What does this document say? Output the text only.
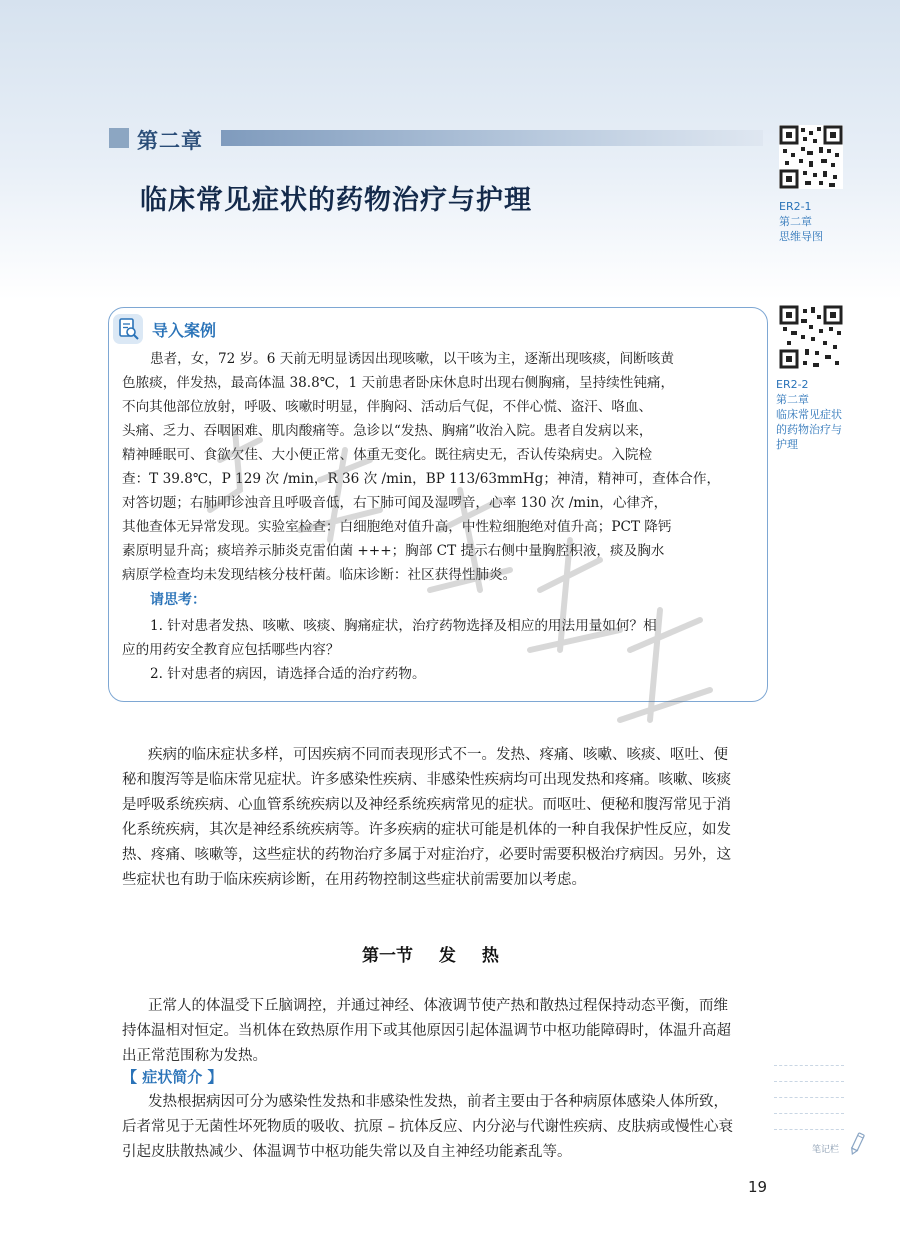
第二章
临床常见症状的药物治疗与护理	ER2-1
第二章
思维导图
ER2-2
第二章
临床常见症状
的药物治疗与
护理
导入案例
患者，女，72 岁。6 天前无明显诱因出现咳嗽，以干咳为主，逐渐出现咳痰，间断咳黄
色脓痰，伴发热，最高体温 38.8℃，1 天前患者卧床休息时出现右侧胸痛，呈持续性钝痛，
不向其他部位放射，呼吸、咳嗽时明显，伴胸闷、活动后气促，不伴心慌、盗汗、咯血、
头痛、乏力、吞咽困难、肌肉酸痛等。急诊以“发热、胸痛”收治入院。患者自发病以来，
精神睡眠可、食欲欠佳、大小便正常、体重无变化。既往病史无，否认传染病史。入院检
查：T 39.8℃，P 129 次 /min，R 36 次 /min，BP 113/63mmHg；神清，精神可，查体合作，
对答切题；右肺叩诊浊音且呼吸音低，右下肺可闻及湿啰音，心率 130 次 /min，心律齐，
其他查体无异常发现。实验室检查：白细胞绝对值升高，中性粒细胞绝对值升高；PCT 降钙
素原明显升高；痰培养示肺炎克雷伯菌 +++；胸部 CT 提示右侧中量胸腔积液，痰及胸水
病原学检查均未发现结核分枝杆菌。临床诊断：社区获得性肺炎。
请思考：
1. 针对患者发热、咳嗽、咳痰、胸痛症状，治疗药物选择及相应的用法用量如何？相
应的用药安全教育应包括哪些内容？
2. 针对患者的病因，请选择合适的治疗药物。
疾病的临床症状多样，可因疾病不同而表现形式不一。发热、疼痛、咳嗽、咳痰、呕吐、便
秘和腹泻等是临床常见症状。许多感染性疾病、非感染性疾病均可出现发热和疼痛。咳嗽、咳痰
是呼吸系统疾病、心血管系统疾病以及神经系统疾病常见的症状。而呕吐、便秘和腹泻常见于消
化系统疾病，其次是神经系统疾病等。许多疾病的症状可能是机体的一种自我保护性反应，如发
热、疼痛、咳嗽等，这些症状的药物治疗多属于对症治疗，必要时需要积极治疗病因。另外，这
些症状也有助于临床疾病诊断，在用药物控制这些症状前需要加以考虑。
第一节 发 热
正常人的体温受下丘脑调控，并通过神经、体液调节使产热和散热过程保持动态平衡，而维
持体温相对恒定。当机体在致热原作用下或其他原因引起体温调节中枢功能障碍时，体温升高超
出正常范围称为发热。
【 症状简介 】
发热根据病因可分为感染性发热和非感染性发热，前者主要由于各种病原体感染人体所致，
后者常见于无菌性坏死物质的吸收、抗原 – 抗体反应、内分泌与代谢性疾病、皮肤病或慢性心衰
引起皮肤散热减少、体温调节中枢功能失常以及自主神经功能紊乱等。	笔记栏
19
